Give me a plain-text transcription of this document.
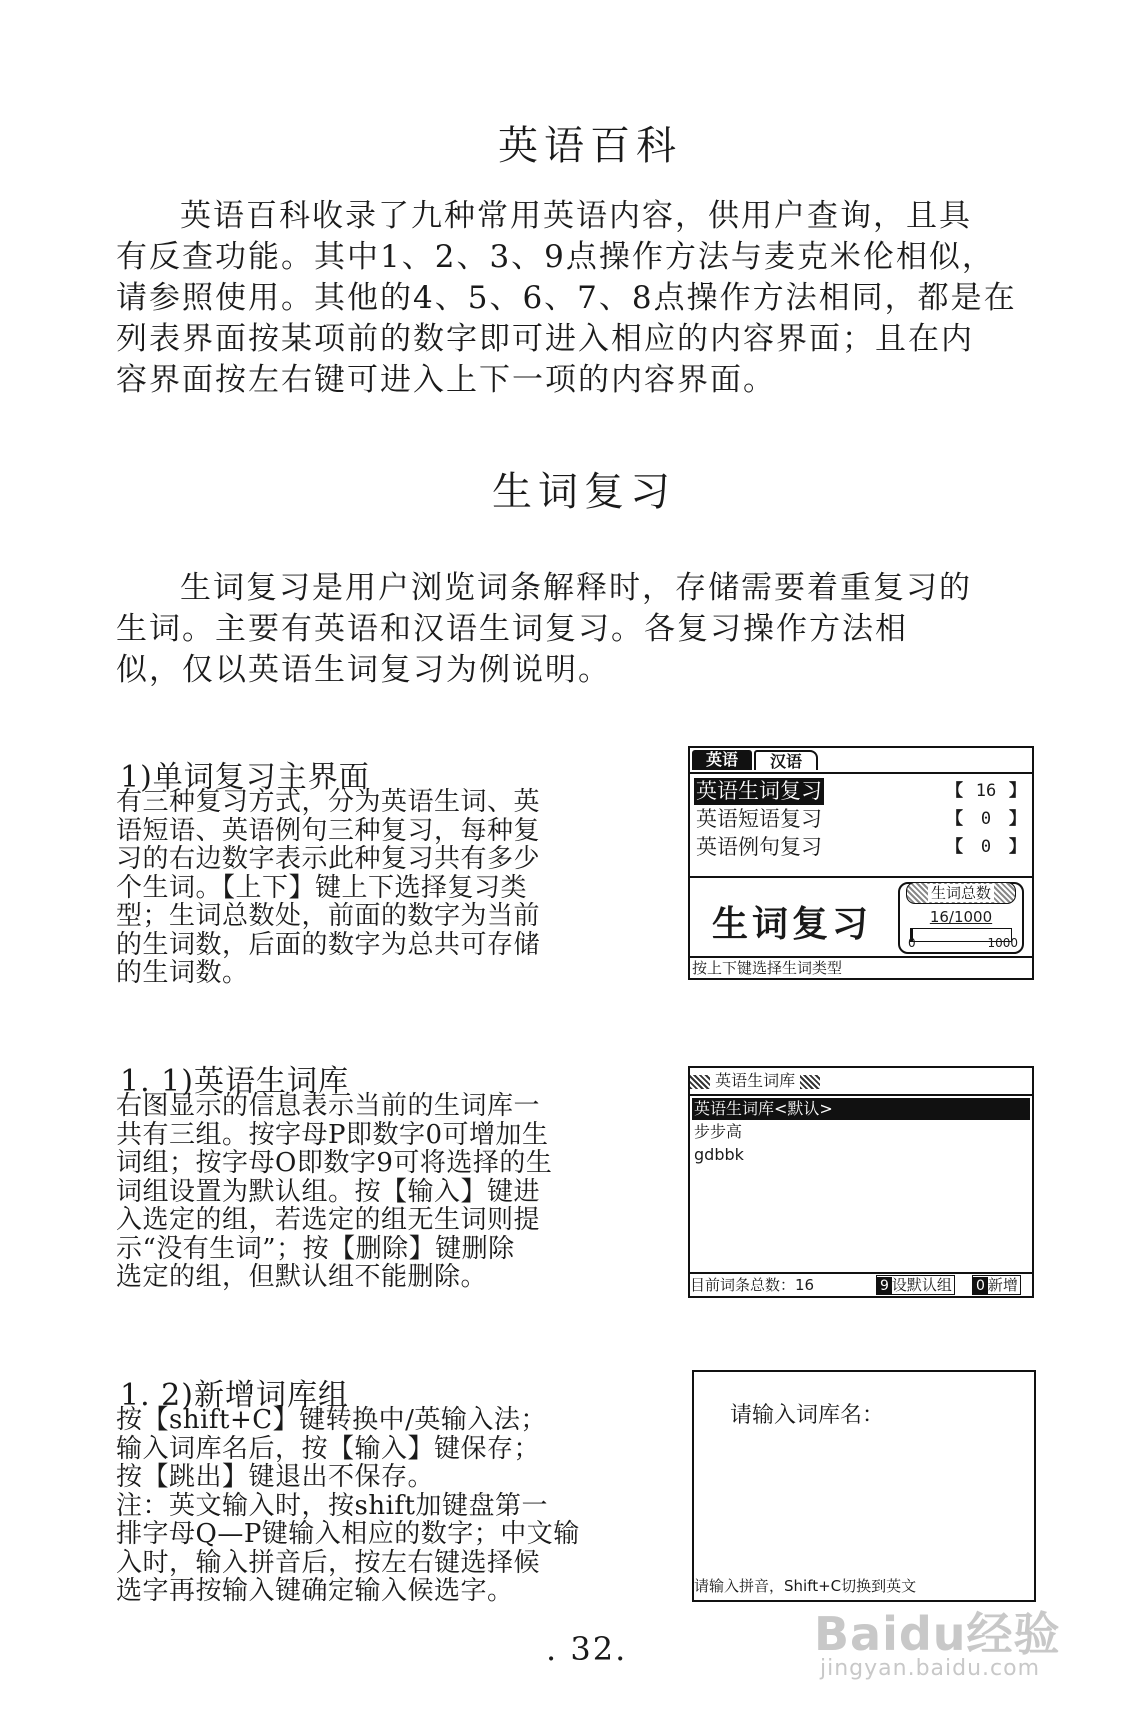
英语百科
英语百科收录了九种常用英语内容，供用户查询，且具
有反查功能。其中1、2、3、9点操作方法与麦克米伦相似，
请参照使用。其他的4、5、6、7、8点操作方法相同，都是在
列表界面按某项前的数字即可进入相应的内容界面；且在内
容界面按左右键可进入上下一项的内容界面。
生词复习
生词复习是用户浏览词条解释时，存储需要着重复习的
生词。主要有英语和汉语生词复习。各复习操作方法相
似，仅以英语生词复习为例说明。
1)单词复习主界面
有三种复习方式，分为英语生词、英
语短语、英语例句三种复习，每种复
习的右边数字表示此种复习共有多少
个生词。【上下】键上下选择复习类
型；生词总数处，前面的数字为当前
的生词数，后面的数字为总共可存储
的生词数。
英语	汉语
英语生词复习	【 16 】
英语短语复习	【 0 】
英语例句复习	【 0 】
生词复习
生词总数
16/1000
0	1000
按上下键选择生词类型
1. 1)英语生词库
右图显示的信息表示当前的生词库一
共有三组。按字母P即数字0可增加生
词组；按字母O即数字9可将选择的生
词组设置为默认组。按【输入】键进
入选定的组，若选定的组无生词则提
示“没有生词”；按【删除】键删除
选定的组，但默认组不能删除。
英语生词库
英语生词库<默认>
步步高
gdbbk
目前词条总数：16	9 设默认组 0 新增
1. 2)新增词库组
按【shift+C】键转换中/英输入法；
输入词库名后，按【输入】键保存；
按【跳出】键退出不保存。
注：英文输入时，按shift加键盘第一
排字母Q—P键输入相应的数字；中文输
入时，输入拼音后，按左右键选择候
选字再按输入键确定输入候选字。
请输入词库名：
请输入拼音，Shift+C切换到英文
. 32.	Baidu经验
jingyan.baidu.com
